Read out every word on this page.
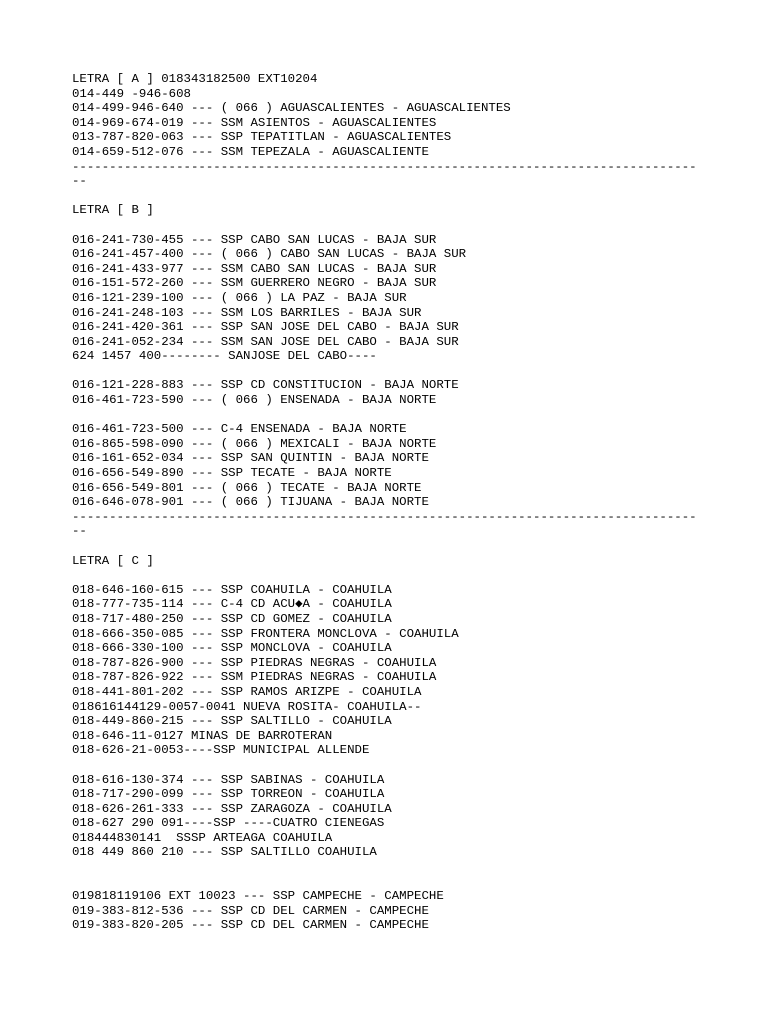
LETRA [ A ] 018343182500 EXT10204
014-449 -946-608
014-499-946-640 --- ( 066 ) AGUASCALIENTES - AGUASCALIENTES
014-969-674-019 --- SSM ASIENTOS - AGUASCALIENTES
013-787-820-063 --- SSP TEPATITLAN - AGUASCALIENTES
014-659-512-076 --- SSM TEPEZALA - AGUASCALIENTE
------------------------------------------------------------------------------------
--
LETRA [ B ]
016-241-730-455 --- SSP CABO SAN LUCAS - BAJA SUR
016-241-457-400 --- ( 066 ) CABO SAN LUCAS - BAJA SUR
016-241-433-977 --- SSM CABO SAN LUCAS - BAJA SUR
016-151-572-260 --- SSM GUERRERO NEGRO - BAJA SUR
016-121-239-100 --- ( 066 ) LA PAZ - BAJA SUR
016-241-248-103 --- SSM LOS BARRILES - BAJA SUR
016-241-420-361 --- SSP SAN JOSE DEL CABO - BAJA SUR
016-241-052-234 --- SSM SAN JOSE DEL CABO - BAJA SUR
624 1457 400-------- SANJOSE DEL CABO----
016-121-228-883 --- SSP CD CONSTITUCION - BAJA NORTE
016-461-723-590 --- ( 066 ) ENSENADA - BAJA NORTE
016-461-723-500 --- C-4 ENSENADA - BAJA NORTE
016-865-598-090 --- ( 066 ) MEXICALI - BAJA NORTE
016-161-652-034 --- SSP SAN QUINTIN - BAJA NORTE
016-656-549-890 --- SSP TECATE - BAJA NORTE
016-656-549-801 --- ( 066 ) TECATE - BAJA NORTE
016-646-078-901 --- ( 066 ) TIJUANA - BAJA NORTE
------------------------------------------------------------------------------------
--
LETRA [ C ]
018-646-160-615 --- SSP COAHUILA - COAHUILA
018-777-735-114 --- C-4 CD ACU◆A - COAHUILA
018-717-480-250 --- SSP CD GOMEZ - COAHUILA
018-666-350-085 --- SSP FRONTERA MONCLOVA - COAHUILA
018-666-330-100 --- SSP MONCLOVA - COAHUILA
018-787-826-900 --- SSP PIEDRAS NEGRAS - COAHUILA
018-787-826-922 --- SSM PIEDRAS NEGRAS - COAHUILA
018-441-801-202 --- SSP RAMOS ARIZPE - COAHUILA
018616144129-0057-0041 NUEVA ROSITA- COAHUILA--
018-449-860-215 --- SSP SALTILLO - COAHUILA
018-646-11-0127 MINAS DE BARROTERAN
018-626-21-0053----SSP MUNICIPAL ALLENDE
018-616-130-374 --- SSP SABINAS - COAHUILA
018-717-290-099 --- SSP TORREON - COAHUILA
018-626-261-333 --- SSP ZARAGOZA - COAHUILA
018-627 290 091----SSP ----CUATRO CIENEGAS
018444830141  SSSP ARTEAGA COAHUILA
018 449 860 210 --- SSP SALTILLO COAHUILA
019818119106 EXT 10023 --- SSP CAMPECHE - CAMPECHE
019-383-812-536 --- SSP CD DEL CARMEN - CAMPECHE
019-383-820-205 --- SSP CD DEL CARMEN - CAMPECHE
